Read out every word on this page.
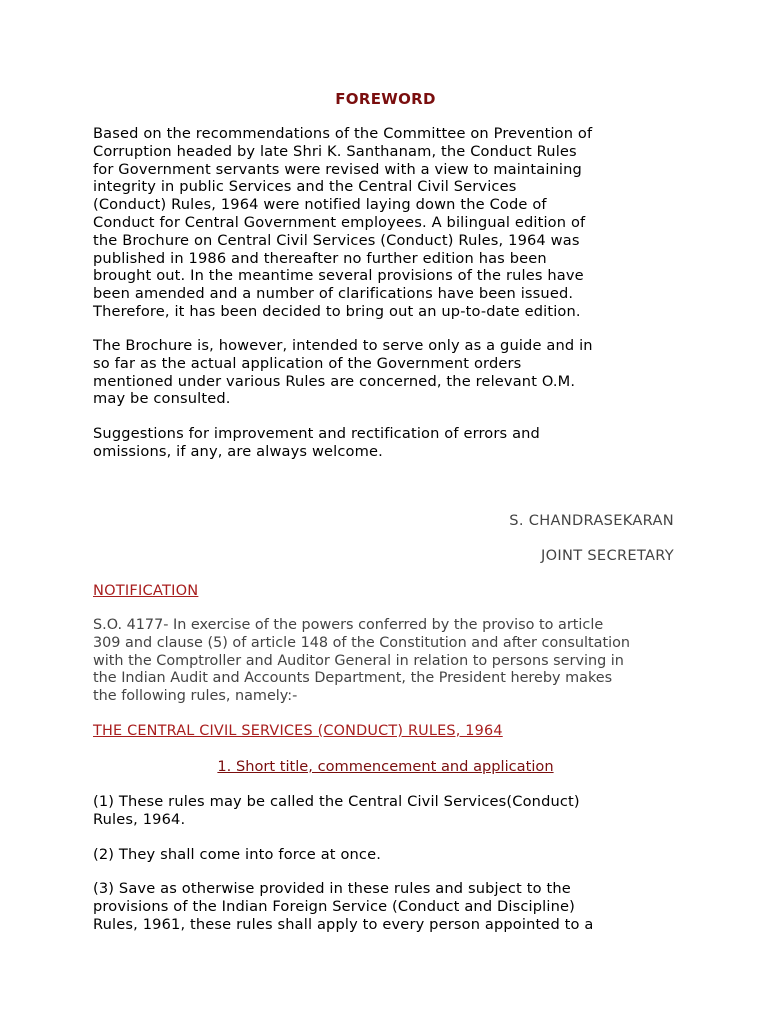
FOREWORD
Based on the recommendations of the Committee on Prevention of
Corruption headed by late Shri K. Santhanam, the Conduct Rules
for Government servants were revised with a view to maintaining
integrity in public Services and the Central Civil Services
(Conduct) Rules, 1964 were notified laying down the Code of
Conduct for Central Government employees. A bilingual edition of
the Brochure on Central Civil Services (Conduct) Rules, 1964 was
published in 1986 and thereafter no further edition has been
brought out. In the meantime several provisions of the rules have
been amended and a number of clarifications have been issued.
Therefore, it has been decided to bring out an up-to-date edition.
The Brochure is, however, intended to serve only as a guide and in
so far as the actual application of the Government orders
mentioned under various Rules are concerned, the relevant O.M.
may be consulted.
Suggestions for improvement and rectification of errors and
omissions, if any, are always welcome.
S. CHANDRASEKARAN
JOINT SECRETARY
NOTIFICATION
S.O. 4177- In exercise of the powers conferred by the proviso to article
309 and clause (5) of article 148 of the Constitution and after consultation
with the Comptroller and Auditor General in relation to persons serving in
the Indian Audit and Accounts Department, the President hereby makes
the following rules, namely:-
THE CENTRAL CIVIL SERVICES (CONDUCT) RULES, 1964
1. Short title, commencement and application
(1) These rules may be called the Central Civil Services(Conduct)
Rules, 1964.
(2) They shall come into force at once.
(3) Save as otherwise provided in these rules and subject to the
provisions of the Indian Foreign Service (Conduct and Discipline)
Rules, 1961, these rules shall apply to every person appointed to a
